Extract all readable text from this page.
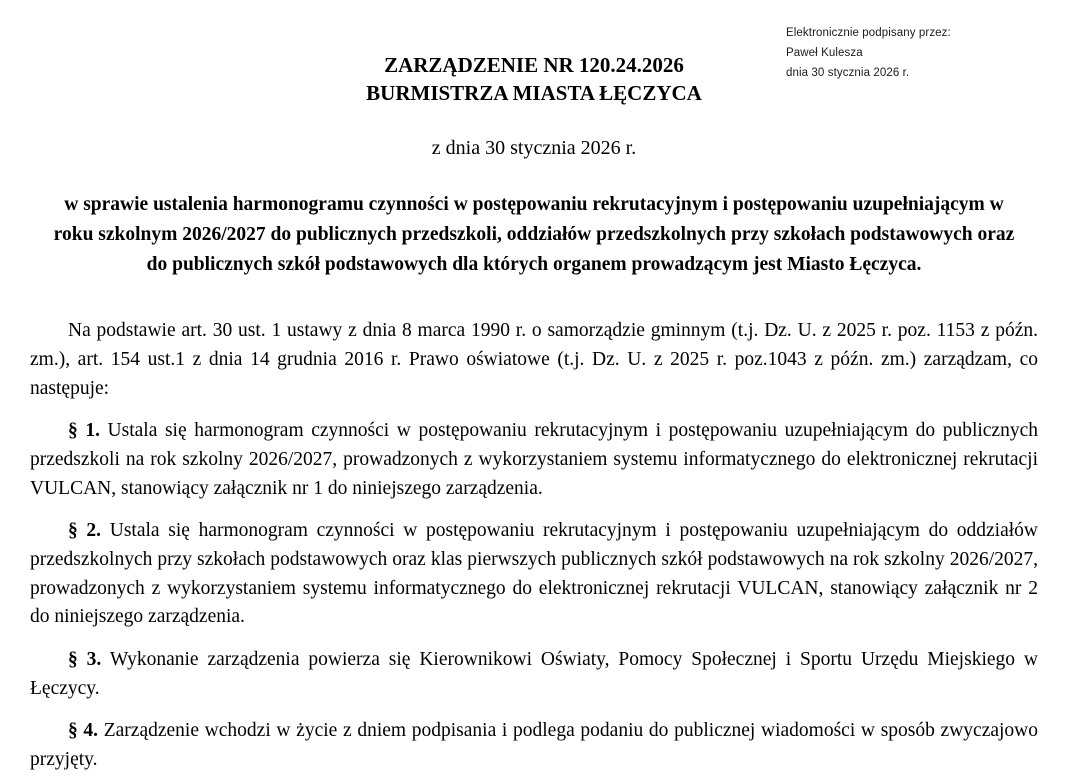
Elektronicznie podpisany przez:
Paweł Kulesza
dnia 30 stycznia 2026 r.
ZARZĄDZENIE NR 120.24.2026
BURMISTRZA MIASTA ŁĘCZYCA
z dnia 30 stycznia 2026 r.
w sprawie ustalenia harmonogramu czynności w postępowaniu rekrutacyjnym i postępowaniu uzupełniającym w roku szkolnym 2026/2027 do publicznych przedszkoli, oddziałów przedszkolnych przy szkołach podstawowych oraz do publicznych szkół podstawowych dla których organem prowadzącym jest Miasto Łęczyca.

Na podstawie art. 30 ust. 1 ustawy z dnia 8 marca 1990 r. o samorządzie gminnym (t.j. Dz. U. z 2025 r. poz. 1153 z późn. zm.), art. 154 ust.1 z dnia 14 grudnia 2016 r. Prawo oświatowe (t.j. Dz. U. z 2025 r. poz.1043 z późn. zm.) zarządzam, co następuje:

§ 1. Ustala się harmonogram czynności w postępowaniu rekrutacyjnym i postępowaniu uzupełniającym do publicznych przedszkoli na rok szkolny 2026/2027, prowadzonych z wykorzystaniem systemu informatycznego do elektronicznej rekrutacji VULCAN, stanowiący załącznik nr 1 do niniejszego zarządzenia.

§ 2. Ustala się harmonogram czynności w postępowaniu rekrutacyjnym i postępowaniu uzupełniającym do oddziałów przedszkolnych przy szkołach podstawowych oraz klas pierwszych publicznych szkół podstawowych na rok szkolny 2026/2027, prowadzonych z wykorzystaniem systemu informatycznego do elektronicznej rekrutacji VULCAN, stanowiący załącznik nr 2 do niniejszego zarządzenia.

§ 3. Wykonanie zarządzenia powierza się Kierownikowi Oświaty, Pomocy Społecznej i Sportu Urzędu Miejskiego w Łęczycy.

§ 4. Zarządzenie wchodzi w życie z dniem podpisania i podlega podaniu do publicznej wiadomości w sposób zwyczajowo przyjęty.
